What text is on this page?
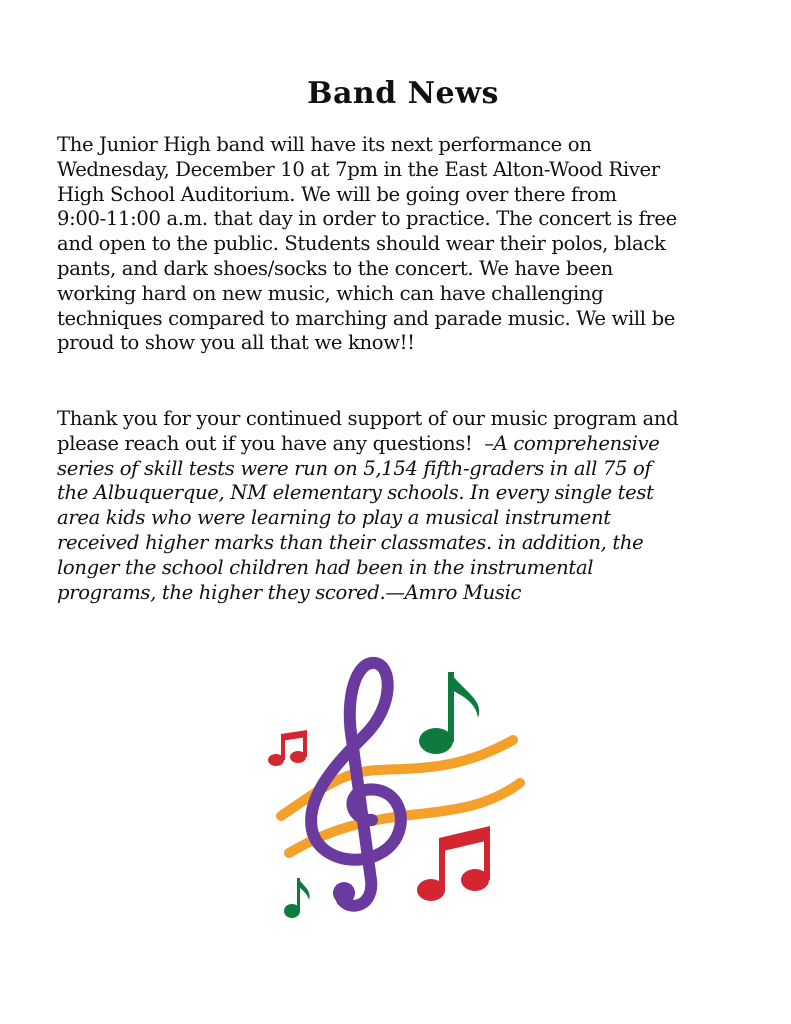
Band News
The Junior High band will have its next performance on
Wednesday, December 10 at 7pm in the East Alton-Wood River
High School Auditorium. We will be going over there from
9:00-11:00 a.m. that day in order to practice. The concert is free
and open to the public. Students should wear their polos, black
pants, and dark shoes/socks to the concert. We have been
working hard on new music, which can have challenging
techniques compared to marching and parade music. We will be
proud to show you all that we know!!
Thank you for your continued support of our music program and
please reach out if you have any questions!  –A comprehensive
series of skill tests were run on 5,154 fifth-graders in all 75 of
the Albuquerque, NM elementary schools. In every single test
area kids who were learning to play a musical instrument
received higher marks than their classmates. in addition, the
longer the school children had been in the instrumental
programs, the higher they scored.—Amro Music
